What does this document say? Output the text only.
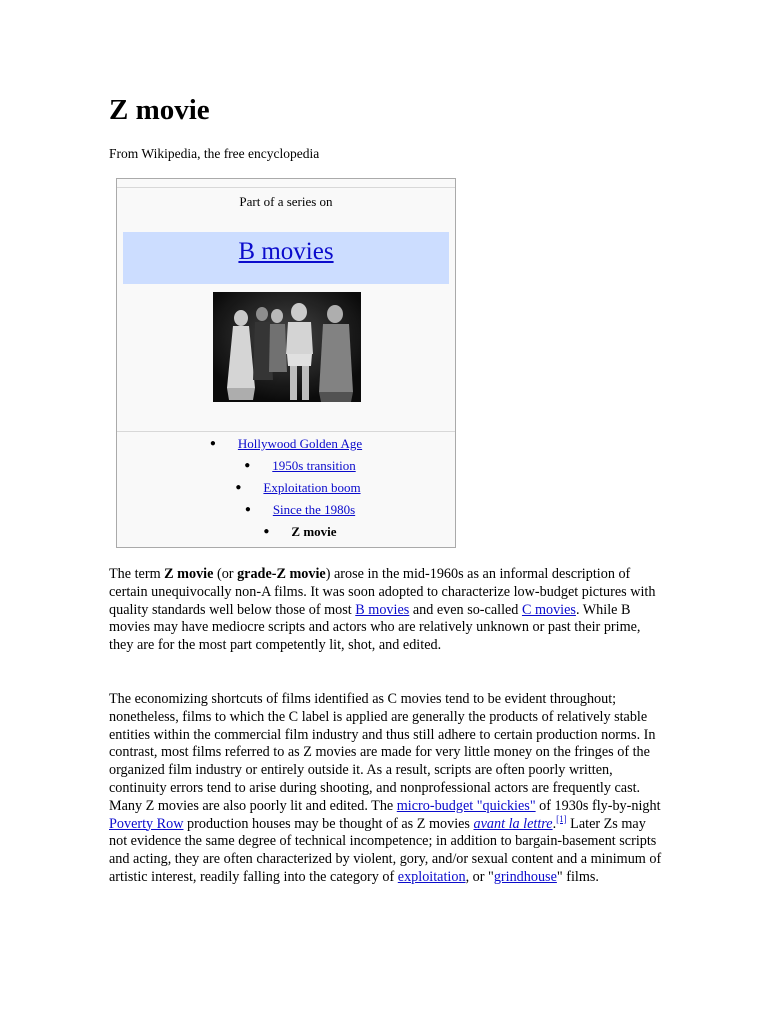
Z movie

From Wikipedia, the free encyclopedia

Part of a series on
B movies
● Hollywood Golden Age
● 1950s transition
● Exploitation boom
● Since the 1980s
● Z movie

The term Z movie (or grade-Z movie) arose in the mid-1960s as an informal description of certain unequivocally non-A films. It was soon adopted to characterize low-budget pictures with quality standards well below those of most B movies and even so-called C movies. While B movies may have mediocre scripts and actors who are relatively unknown or past their prime, they are for the most part competently lit, shot, and edited.

The economizing shortcuts of films identified as C movies tend to be evident throughout; nonetheless, films to which the C label is applied are generally the products of relatively stable entities within the commercial film industry and thus still adhere to certain production norms. In contrast, most films referred to as Z movies are made for very little money on the fringes of the organized film industry or entirely outside it. As a result, scripts are often poorly written, continuity errors tend to arise during shooting, and nonprofessional actors are frequently cast. Many Z movies are also poorly lit and edited. The micro-budget "quickies" of 1930s fly-by-night Poverty Row production houses may be thought of as Z movies avant la lettre.[1] Later Zs may not evidence the same degree of technical incompetence; in addition to bargain-basement scripts and acting, they are often characterized by violent, gory, and/or sexual content and a minimum of artistic interest, readily falling into the category of exploitation, or "grindhouse" films.
